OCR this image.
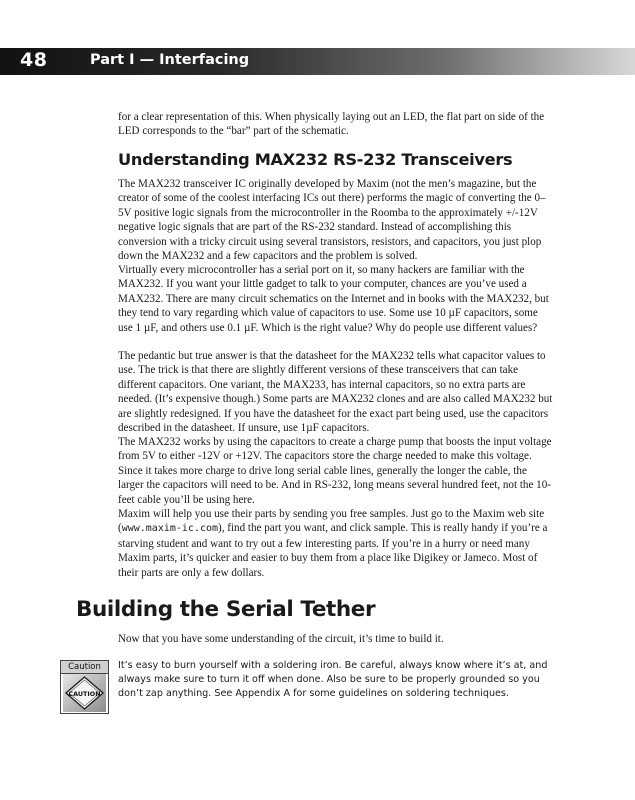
48	Part I — Interfacing

for a clear representation of this. When physically laying out an LED, the flat part on side of the LED corresponds to the “bar” part of the schematic.

Understanding MAX232 RS-232 Transceivers

The MAX232 transceiver IC originally developed by Maxim (not the men’s magazine, but the creator of some of the coolest interfacing ICs out there) performs the magic of converting the 0–5V positive logic signals from the microcontroller in the Roomba to the approximately +/-12V negative logic signals that are part of the RS-232 standard. Instead of accomplishing this conversion with a tricky circuit using several transistors, resistors, and capacitors, you just plop down the MAX232 and a few capacitors and the problem is solved.

Virtually every microcontroller has a serial port on it, so many hackers are familiar with the MAX232. If you want your little gadget to talk to your computer, chances are you’ve used a MAX232. There are many circuit schematics on the Internet and in books with the MAX232, but they tend to vary regarding which value of capacitors to use. Some use 10 µF capacitors, some use 1 µF, and others use 0.1 µF. Which is the right value? Why do people use different values?

The pedantic but true answer is that the datasheet for the MAX232 tells what capacitor values to use. The trick is that there are slightly different versions of these transceivers that can take different capacitors. One variant, the MAX233, has internal capacitors, so no extra parts are needed. (It’s expensive though.) Some parts are MAX232 clones and are also called MAX232 but are slightly redesigned. If you have the datasheet for the exact part being used, use the capacitors described in the datasheet. If unsure, use 1µF capacitors.

The MAX232 works by using the capacitors to create a charge pump that boosts the input voltage from 5V to either -12V or +12V. The capacitors store the charge needed to make this voltage. Since it takes more charge to drive long serial cable lines, generally the longer the cable, the larger the capacitors will need to be. And in RS-232, long means several hundred feet, not the 10-feet cable you’ll be using here.

Maxim will help you use their parts by sending you free samples. Just go to the Maxim web site (www.maxim-ic.com), find the part you want, and click sample. This is really handy if you’re a starving student and want to try out a few interesting parts. If you’re in a hurry or need many Maxim parts, it’s quicker and easier to buy them from a place like Digikey or Jameco. Most of their parts are only a few dollars.

Building the Serial Tether

Now that you have some understanding of the circuit, it’s time to build it.

Caution
CAUTION

It’s easy to burn yourself with a soldering iron. Be careful, always know where it’s at, and always make sure to turn it off when done. Also be sure to be properly grounded so you don’t zap anything. See Appendix A for some guidelines on soldering techniques.
